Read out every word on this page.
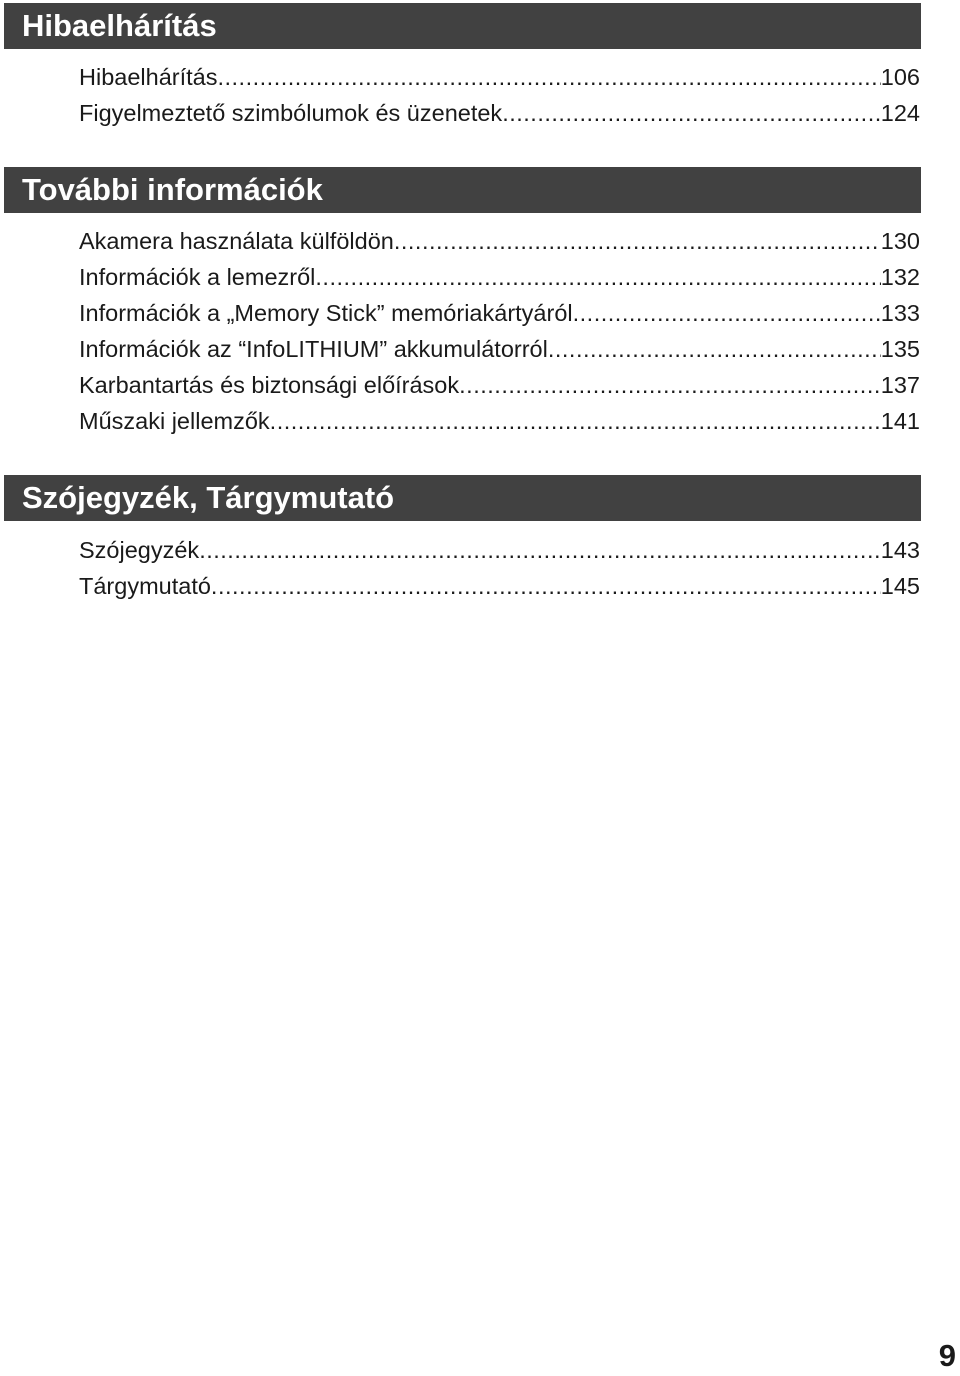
Hibaelhárítás
Hibaelhárítás .....	106
Figyelmeztető szimbólumok és üzenetek .....	124
További információk
Akamera használata külföldön .....	130
Információk a lemezről .....	132
Információk a „Memory Stick” memóriakártyáról .....	133
Információk az “InfoLITHIUM” akkumulátorról .....	135
Karbantartás és biztonsági előírások .....	137
Műszaki jellemzők .....	141
Szójegyzék, Tárgymutató
Szójegyzék .....	143
Tárgymutató .....	145
9
